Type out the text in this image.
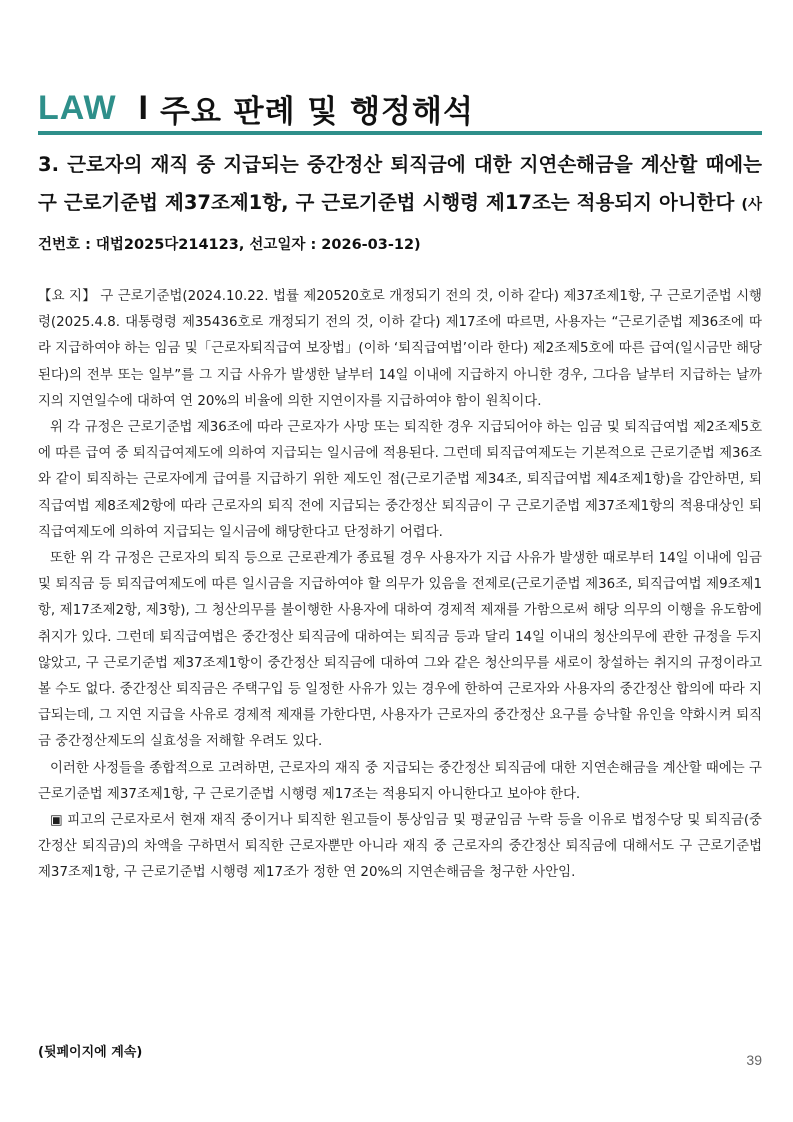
LAW I 주요 판례 및 행정해석
3. 근로자의 재직 중 지급되는 중간정산 퇴직금에 대한 지연손해금을 계산할 때에는 구 근로기준법 제37조제1항, 구 근로기준법 시행령 제17조는 적용되지 아니한다 (사건번호 : 대법2025다214123, 선고일자 : 2026-03-12)

【요 지】 구 근로기준법(2024.10.22. 법률 제20520호로 개정되기 전의 것, 이하 같다) 제37조제1항, 구 근로기준법 시행령(2025.4.8. 대통령령 제35436호로 개정되기 전의 것, 이하 같다) 제17조에 따르면, 사용자는 “근로기준법 제36조에 따라 지급하여야 하는 임금 및「근로자퇴직급여 보장법」(이하 ‘퇴직급여법’이라 한다) 제2조제5호에 따른 급여(일시금만 해당된다)의 전부 또는 일부”를 그 지급 사유가 발생한 날부터 14일 이내에 지급하지 아니한 경우, 그다음 날부터 지급하는 날까지의 지연일수에 대하여 연 20%의 비율에 의한 지연이자를 지급하여야 함이 원칙이다.

위 각 규정은 근로기준법 제36조에 따라 근로자가 사망 또는 퇴직한 경우 지급되어야 하는 임금 및 퇴직급여법 제2조제5호에 따른 급여 중 퇴직급여제도에 의하여 지급되는 일시금에 적용된다. 그런데 퇴직급여제도는 기본적으로 근로기준법 제36조와 같이 퇴직하는 근로자에게 급여를 지급하기 위한 제도인 점(근로기준법 제34조, 퇴직급여법 제4조제1항)을 감안하면, 퇴직급여법 제8조제2항에 따라 근로자의 퇴직 전에 지급되는 중간정산 퇴직금이 구 근로기준법 제37조제1항의 적용대상인 퇴직급여제도에 의하여 지급되는 일시금에 해당한다고 단정하기 어렵다.

또한 위 각 규정은 근로자의 퇴직 등으로 근로관계가 종료될 경우 사용자가 지급 사유가 발생한 때로부터 14일 이내에 임금 및 퇴직금 등 퇴직급여제도에 따른 일시금을 지급하여야 할 의무가 있음을 전제로(근로기준법 제36조, 퇴직급여법 제9조제1항, 제17조제2항, 제3항), 그 청산의무를 불이행한 사용자에 대하여 경제적 제재를 가함으로써 해당 의무의 이행을 유도함에 취지가 있다. 그런데 퇴직급여법은 중간정산 퇴직금에 대하여는 퇴직금 등과 달리 14일 이내의 청산의무에 관한 규정을 두지 않았고, 구 근로기준법 제37조제1항이 중간정산 퇴직금에 대하여 그와 같은 청산의무를 새로이 창설하는 취지의 규정이라고 볼 수도 없다. 중간정산 퇴직금은 주택구입 등 일정한 사유가 있는 경우에 한하여 근로자와 사용자의 중간정산 합의에 따라 지급되는데, 그 지연 지급을 사유로 경제적 제재를 가한다면, 사용자가 근로자의 중간정산 요구를 승낙할 유인을 약화시켜 퇴직금 중간정산제도의 실효성을 저해할 우려도 있다.

이러한 사정들을 종합적으로 고려하면, 근로자의 재직 중 지급되는 중간정산 퇴직금에 대한 지연손해금을 계산할 때에는 구 근로기준법 제37조제1항, 구 근로기준법 시행령 제17조는 적용되지 아니한다고 보아야 한다.

▣ 피고의 근로자로서 현재 재직 중이거나 퇴직한 원고들이 통상임금 및 평균임금 누락 등을 이유로 법정수당 및 퇴직금(중간정산 퇴직금)의 차액을 구하면서 퇴직한 근로자뿐만 아니라 재직 중 근로자의 중간정산 퇴직금에 대해서도 구 근로기준법 제37조제1항, 구 근로기준법 시행령 제17조가 정한 연 20%의 지연손해금을 청구한 사안임.

(뒷페이지에 계속)	39
